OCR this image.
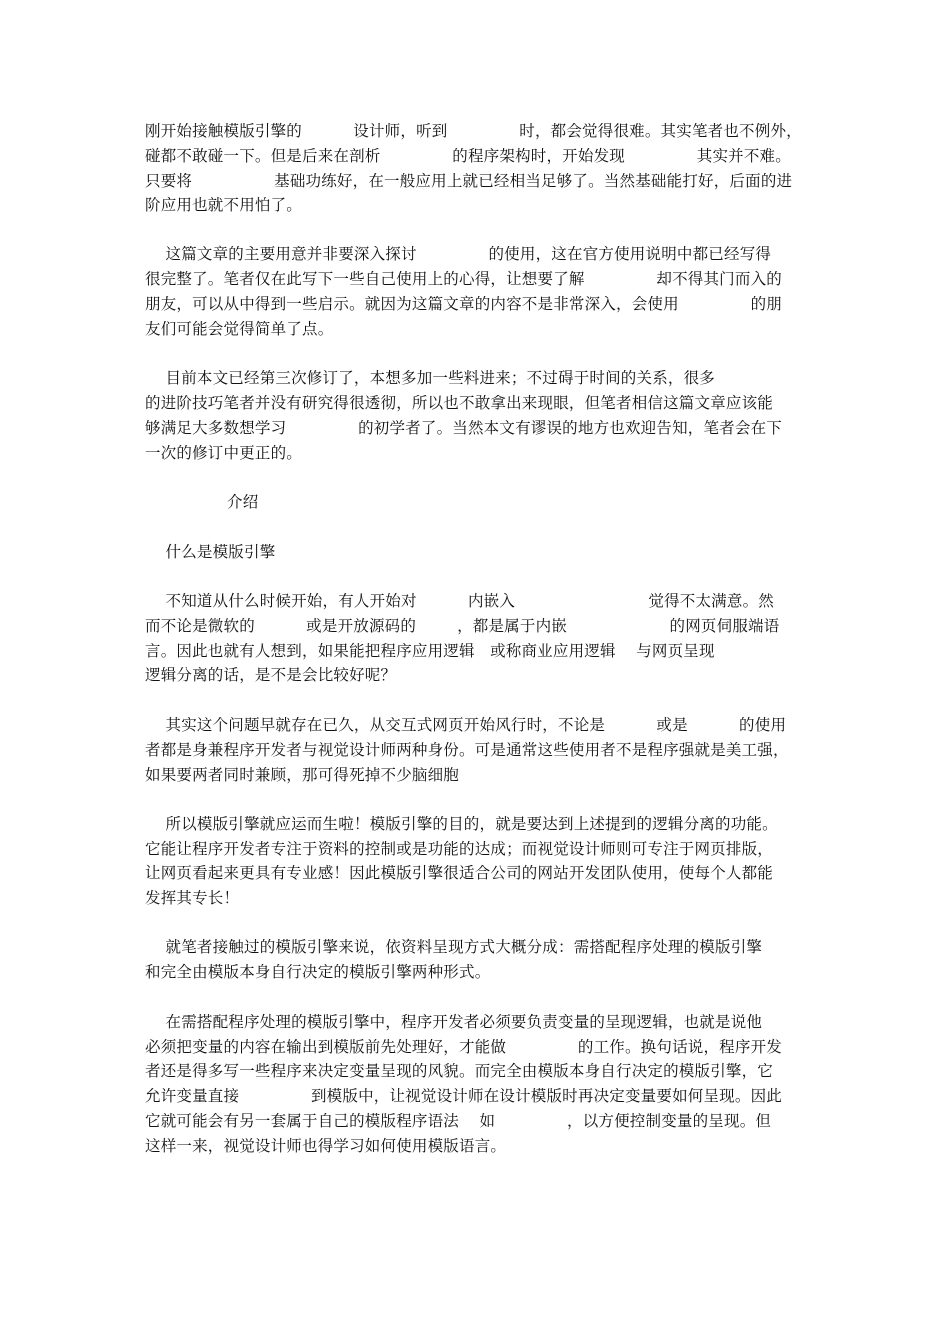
刚开始接触模版引擎的          设计师，听到              时，都会觉得很难。其实笔者也不例外，
碰都不敢碰一下。但是后来在剖析              的程序架构时，开始发现              其实并不难。
只要将                基础功练好，在一般应用上就已经相当足够了。当然基础能打好，后面的进
阶应用也就不用怕了。
这篇文章的主要用意并非要深入探讨              的使用，这在官方使用说明中都已经写得
很完整了。笔者仅在此写下一些自己使用上的心得，让想要了解              却不得其门而入的
朋友，可以从中得到一些启示。就因为这篇文章的内容不是非常深入，会使用              的朋
友们可能会觉得简单了点。
目前本文已经第三次修订了，本想多加一些料进来；不过碍于时间的关系，很多
的进阶技巧笔者并没有研究得很透彻，所以也不敢拿出来现眼，但笔者相信这篇文章应该能
够满足大多数想学习              的初学者了。当然本文有谬误的地方也欢迎告知，笔者会在下
一次的修订中更正的。
介绍
什么是模版引擎
不知道从什么时候开始，有人开始对          内嵌入                          觉得不太满意。然
而不论是微软的          或是开放源码的        ，都是属于内嵌                    的网页伺服端语
言。因此也就有人想到，如果能把程序应用逻辑   或称商业应用逻辑    与网页呈现
逻辑分离的话，是不是会比较好呢？
其实这个问题早就存在已久，从交互式网页开始风行时，不论是          或是          的使用
者都是身兼程序开发者与视觉设计师两种身份。可是通常这些使用者不是程序强就是美工强，
如果要两者同时兼顾，那可得死掉不少脑细胞
所以模版引擎就应运而生啦！模版引擎的目的，就是要达到上述提到的逻辑分离的功能。
它能让程序开发者专注于资料的控制或是功能的达成；而视觉设计师则可专注于网页排版，
让网页看起来更具有专业感！因此模版引擎很适合公司的网站开发团队使用，使每个人都能
发挥其专长！
就笔者接触过的模版引擎来说，依资料呈现方式大概分成：需搭配程序处理的模版引擎
和完全由模版本身自行决定的模版引擎两种形式。
在需搭配程序处理的模版引擎中，程序开发者必须要负责变量的呈现逻辑，也就是说他
必须把变量的内容在输出到模版前先处理好，才能做              的工作。换句话说，程序开发
者还是得多写一些程序来决定变量呈现的风貌。而完全由模版本身自行决定的模版引擎，它
允许变量直接              到模版中，让视觉设计师在设计模版时再决定变量要如何呈现。因此
它就可能会有另一套属于自己的模版程序语法    如              ，以方便控制变量的呈现。但
这样一来，视觉设计师也得学习如何使用模版语言。
